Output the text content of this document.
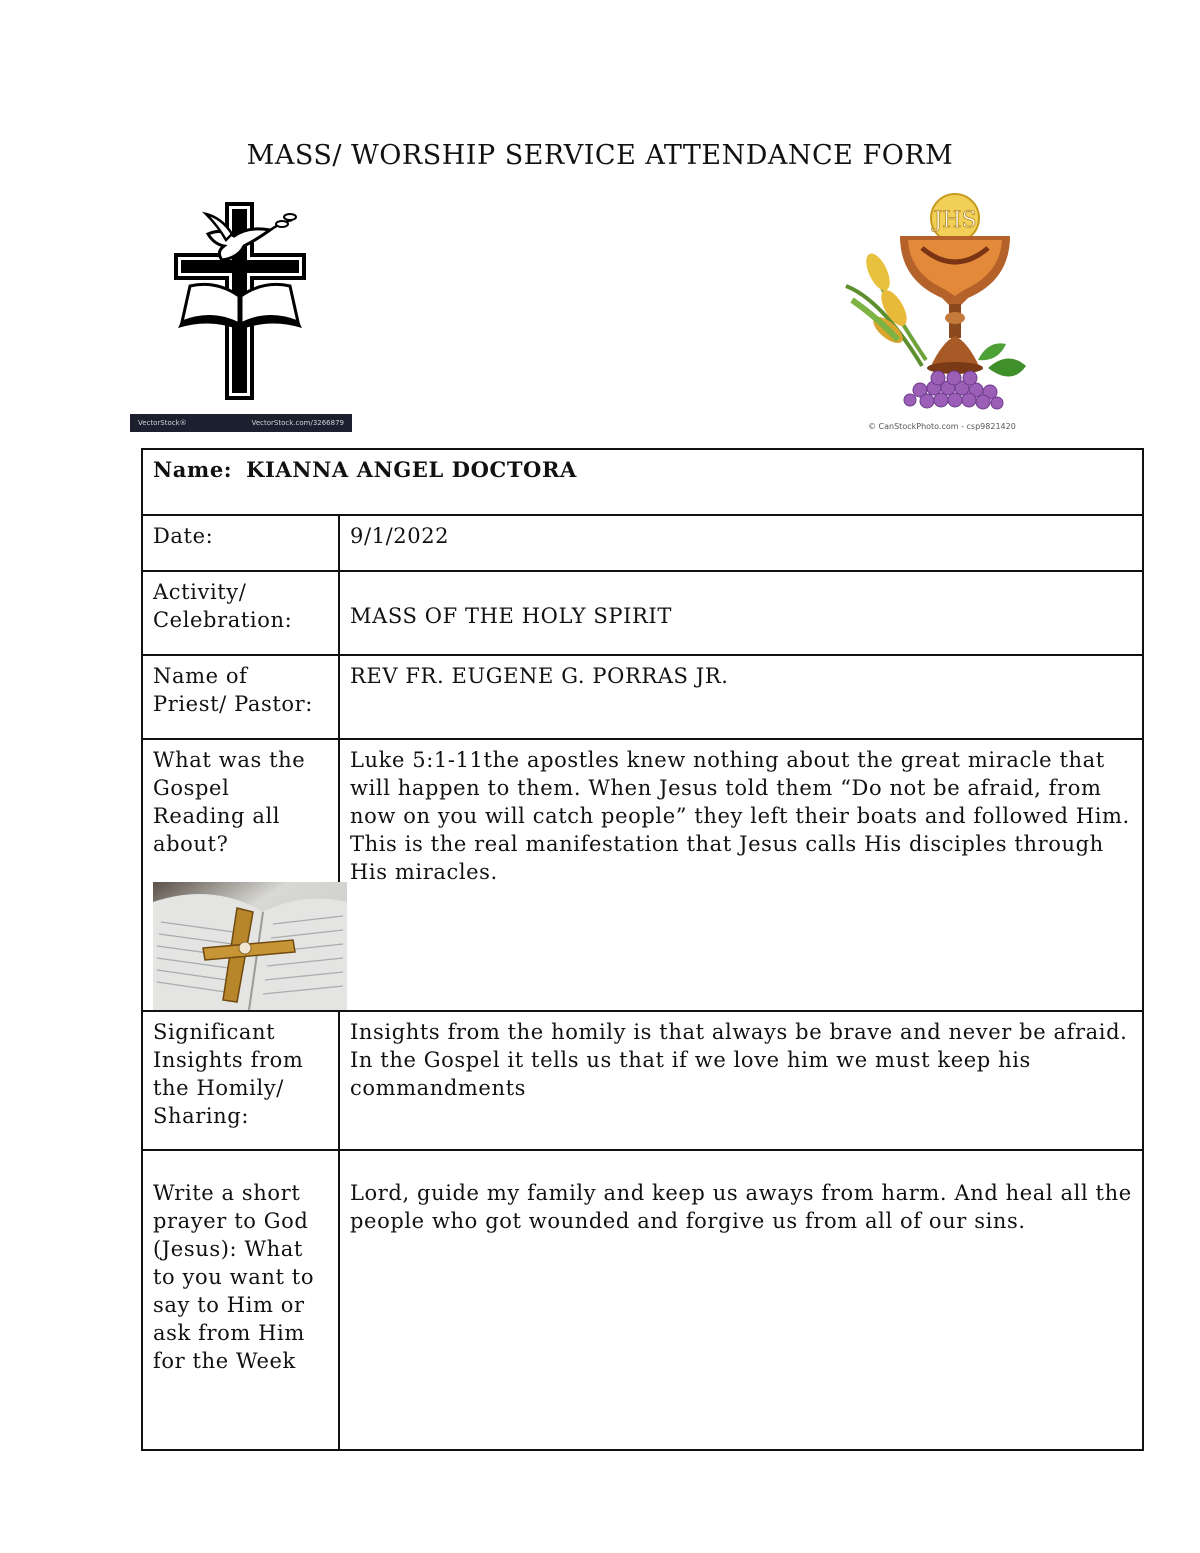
MASS/ WORSHIP SERVICE ATTENDANCE FORM
VectorStock®	VectorStock.com/3266879
JHS
© CanStockPhoto.com - csp9821420
Name: KIANNA ANGEL DOCTORA	
Date:	9/1/2022
Activity/ Celebration:	MASS OF THE HOLY SPIRIT
Name of Priest/ Pastor:	REV FR. EUGENE G. PORRAS JR.

What was the Gospel Reading all about?	Luke 5:1-11the apostles knew nothing about the great miracle that will happen to them. When Jesus told them “Do not be afraid, from now on you will catch people” they left their boats and followed Him. This is the real manifestation that Jesus calls His disciples through His miracles.
Significant Insights from the Homily/ Sharing:	Insights from the homily is that always be brave and never be afraid. In the Gospel it tells us that if we love him we must keep his commandments
Write a short prayer to God (Jesus): What to you want to say to Him or ask from Him for the Week	Lord, guide my family and keep us aways from harm. And heal all the people who got wounded and forgive us from all of our sins.
